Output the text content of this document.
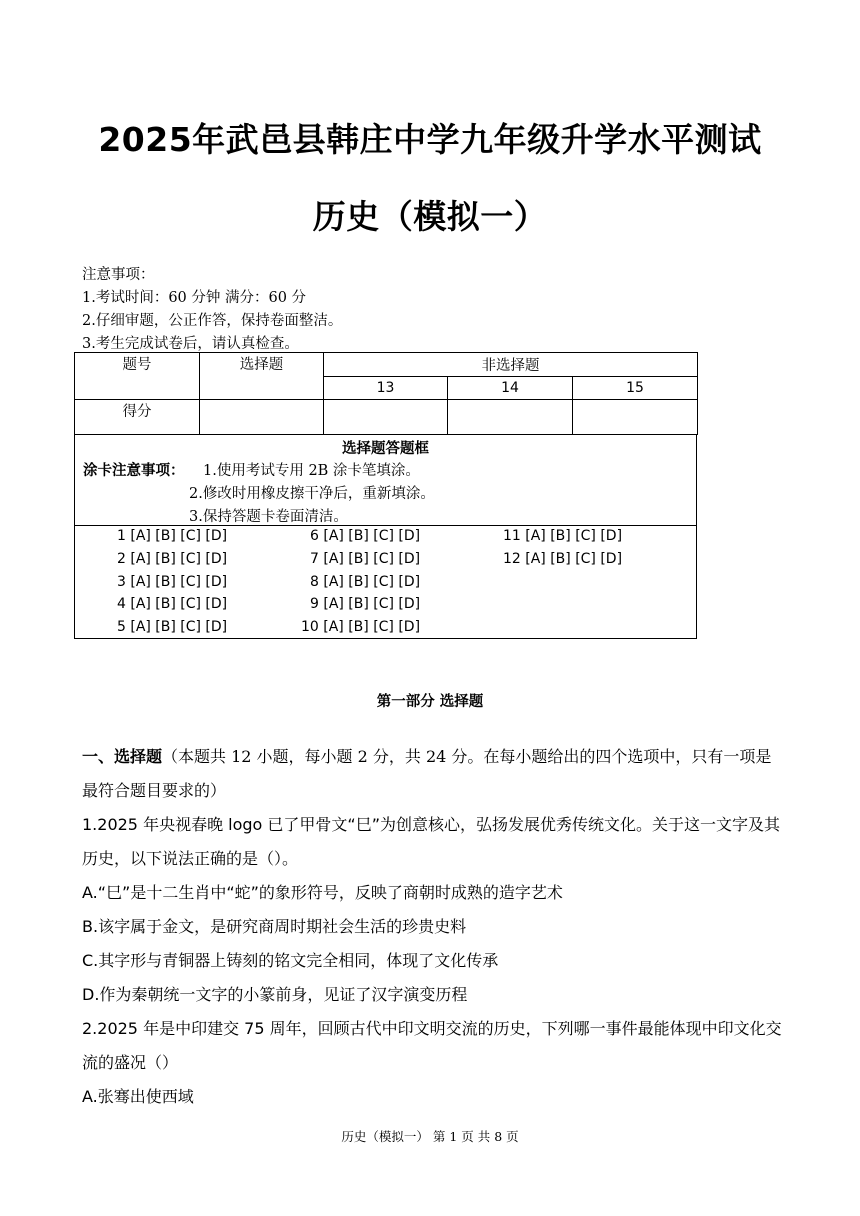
2025年武邑县韩庄中学九年级升学水平测试
历史（模拟一）
注意事项：
1.考试时间：60 分钟 满分：60 分
2.仔细审题，公正作答，保持卷面整洁。
3.考生完成试卷后，请认真检查。
题号	选择题	非选择题		
		13	14	15
得分				
选择题答题框
涂卡注意事项： 1.使用考试专用 2B 涂卡笔填涂。
2.修改时用橡皮擦干净后，重新填涂。
3.保持答题卡卷面清洁。
1 [A] [B] [C] [D]
2 [A] [B] [C] [D]
3 [A] [B] [C] [D]
4 [A] [B] [C] [D]
5 [A] [B] [C] [D]
6 [A] [B] [C] [D]
7 [A] [B] [C] [D]
8 [A] [B] [C] [D]
9 [A] [B] [C] [D]
10 [A] [B] [C] [D]
11 [A] [B] [C] [D]
12 [A] [B] [C] [D]
第一部分 选择题

一、选择题（本题共 12 小题，每小题 2 分，共 24 分。在每小题给出的四个选项中，只有一项是最符合题目要求的）

1.2025 年央视春晚 logo 已了甲骨文“巳”为创意核心，弘扬发展优秀传统文化。关于这一文字及其历史，以下说法正确的是（）。

A.“巳”是十二生肖中“蛇”的象形符号，反映了商朝时成熟的造字艺术

B.该字属于金文，是研究商周时期社会生活的珍贵史料

C.其字形与青铜器上铸刻的铭文完全相同，体现了文化传承

D.作为秦朝统一文字的小篆前身，见证了汉字演变历程

2.2025 年是中印建交 75 周年，回顾古代中印文明交流的历史，下列哪一事件最能体现中印文化交流的盛况（）

A.张骞出使西域

历史（模拟一） 第 1 页 共 8 页
